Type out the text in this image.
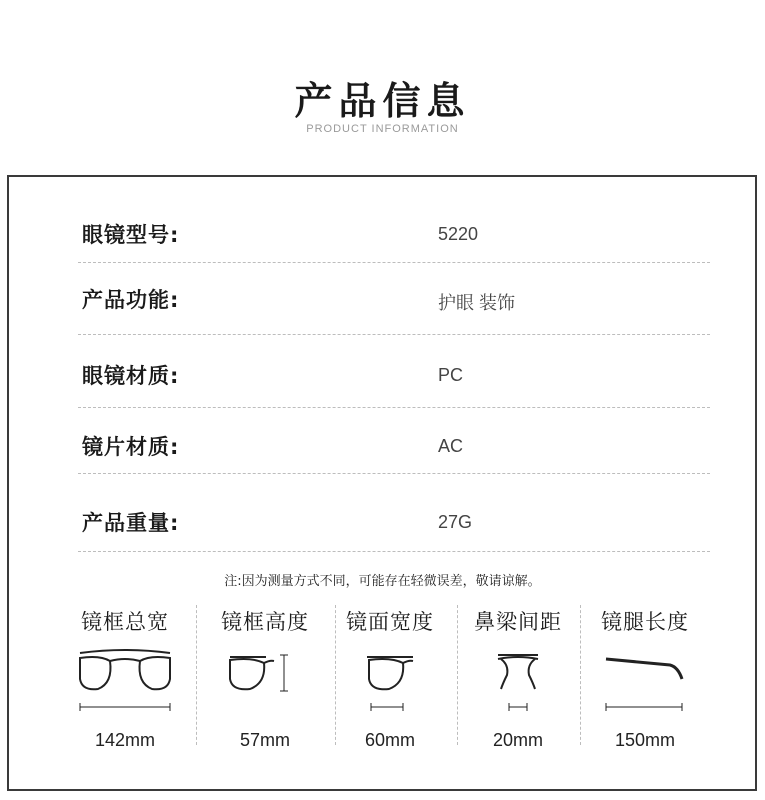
产品信息
PRODUCT INFORMATION
眼镜型号:	5220
产品功能:	护眼 装饰
眼镜材质:	PC
镜片材质:	AC
产品重量:	27G
注:因为测量方式不同，可能存在轻微误差，敬请谅解。
镜框总宽
142mm
镜框高度
57mm
镜面宽度
60mm
鼻梁间距
20mm
镜腿长度
150mm
